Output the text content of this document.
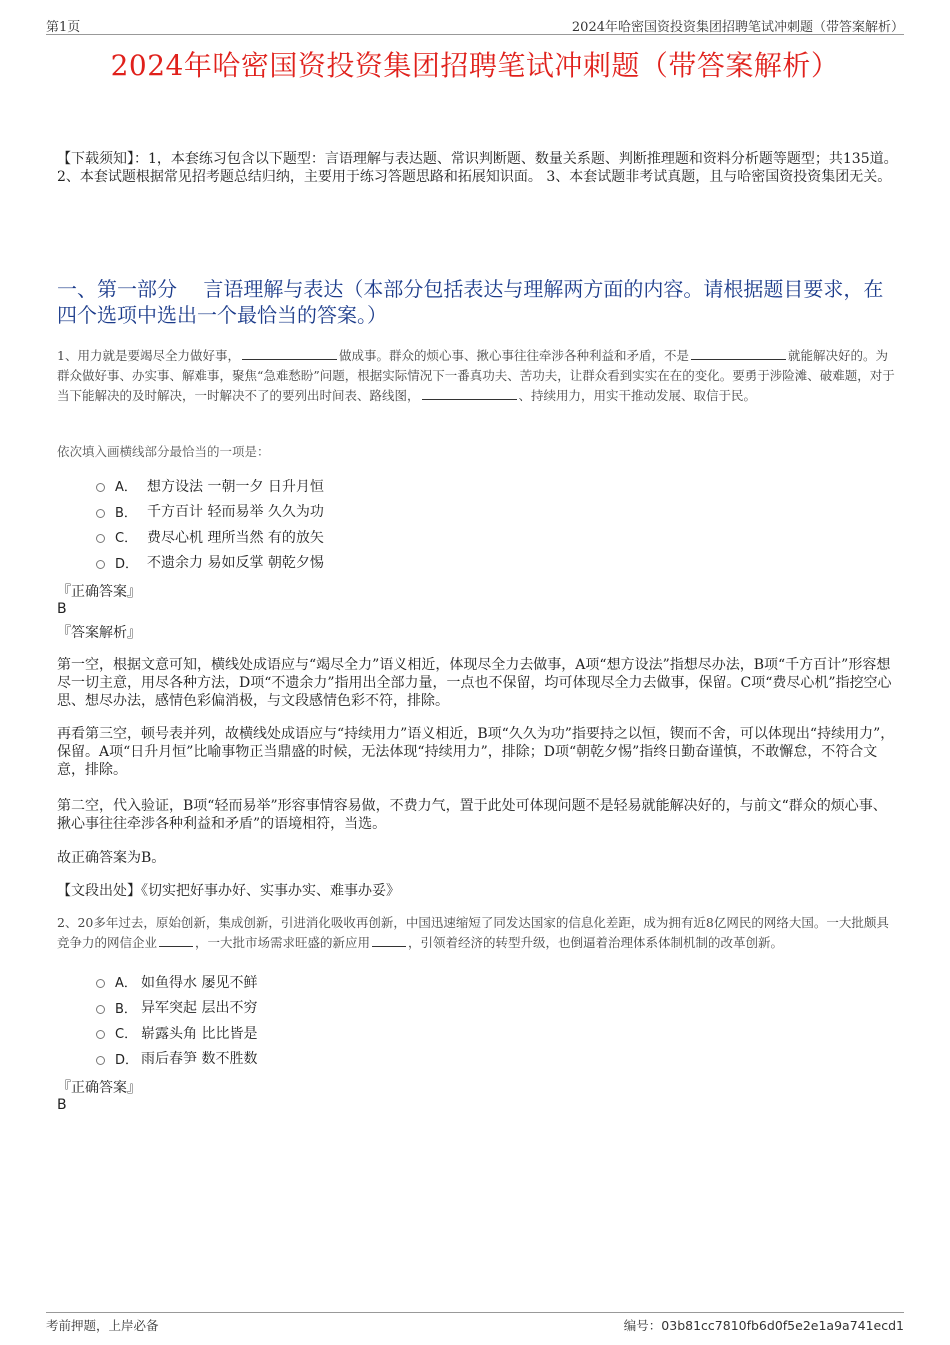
第1页	2024年哈密国资投资集团招聘笔试冲刺题（带答案解析）
2024年哈密国资投资集团招聘笔试冲刺题（带答案解析）
【下载须知】：1，本套练习包含以下题型：言语理解与表达题、常识判断题、数量关系题、判断推理题和资料分析题等题型；共135道。 2、本套试题根据常见招考题总结归纳，主要用于练习答题思路和拓展知识面。 3、本套试题非考试真题，且与哈密国资投资集团无关。
一、第一部分　 言语理解与表达（本部分包括表达与理解两方面的内容。请根据题目要求，在四个选项中选出一个最恰当的答案。）
1、用力就是要竭尽全力做好事，	做成事。群众的烦心事、揪心事往往牵涉各种利益和矛盾，不是	就能解决好的。为群众做好事、办实事、解难事，聚焦“急难愁盼”问题，根据实际情况下一番真功夫、苦功夫，让群众看到实实在在的变化。要勇于涉险滩、破难题，对于当下能解决的及时解决，一时解决不了的要列出时间表、路线图，	、持续用力，用实干推动发展、取信于民。
依次填入画横线部分最恰当的一项是：
A． 想方设法 一朝一夕 日升月恒
B． 千方百计 轻而易举 久久为功
C． 费尽心机 理所当然 有的放矢
D． 不遗余力 易如反掌 朝乾夕惕
『正确答案』
B
『答案解析』
第一空，根据文意可知，横线处成语应与“竭尽全力”语义相近，体现尽全力去做事，A项“想方设法”指想尽办法，B项“千方百计”形容想尽一切主意，用尽各种方法，D项“不遗余力”指用出全部力量，一点也不保留，均可体现尽全力去做事，保留。C项“费尽心机”指挖空心思、想尽办法，感情色彩偏消极，与文段感情色彩不符，排除。
再看第三空，顿号表并列，故横线处成语应与“持续用力”语义相近，B项“久久为功”指要持之以恒，锲而不舍，可以体现出“持续用力”，保留。A项“日升月恒”比喻事物正当鼎盛的时候，无法体现“持续用力”，排除；D项“朝乾夕惕”指终日勤奋谨慎，不敢懈怠，不符合文意，排除。
第二空，代入验证，B项“轻而易举”形容事情容易做，不费力气，置于此处可体现问题不是轻易就能解决好的，与前文“群众的烦心事、揪心事往往牵涉各种利益和矛盾”的语境相符，当选。
故正确答案为B。
【文段出处】《切实把好事办好、实事办实、难事办妥》
2、20多年过去，原始创新，集成创新，引进消化吸收再创新，中国迅速缩短了同发达国家的信息化差距，成为拥有近8亿网民的网络大国。一大批颇具竞争力的网信企业	，一大批市场需求旺盛的新应用	，引领着经济的转型升级，也倒逼着治理体系体制机制的改革创新。
A． 如鱼得水 屡见不鲜
B． 异军突起 层出不穷
C． 崭露头角 比比皆是
D． 雨后春笋 数不胜数
『正确答案』
B
考前押题，上岸必备	编号：03b81cc7810fb6d0f5e2e1a9a741ecd1
